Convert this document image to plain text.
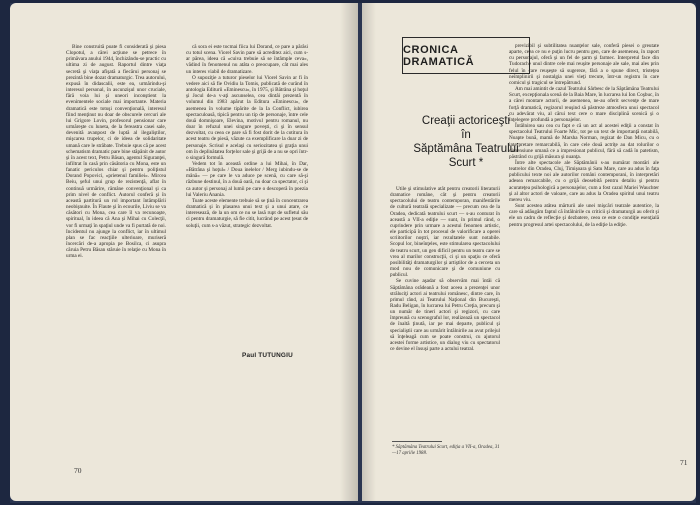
Bine construită poate fi considerată şi piesa Clopotul, a cărei acţiune se petrece în primăvara anului 1944, închizându-se practic cu ultima zi de august. Raportul dintre viaţa secretă şi viaţa afişată a fiecărui personaj se prezintă bine dozat dramaturgic. Trea autorului, expusă în didascalii, este ea, urmărindu-şi interesul personal, în ascunzişul unor cruciale, fără voia lui şi uneori inconştient la evenimentele sociale mai importante. Materia dramatică este totuşi convenţională, interesul fiind menţinut nu doar de obscurele cercuri ale lui Grigore Lovin, profesorul pensionar care urmăreşte cu luneta, de la fereastra casei sale, devenită avanpost de luptă al ilegaliştilor, mişcarea trupelor, ci de ideea de solidaritate umană care le străbate. Trebuie spus că pe acest schematism dramatic pare bine stăpânit de autor şi în acest text, Petru Băsan, agentul Siguranţei, infiltrat în casă prin căsătoria cu Mona, este un fanatic periculos chiar şi pentru poliţistul Dorand Popovici, «prietenul familiei». Mircea Beiu, şeful unui grup de rezistenţă, aflat în continuă urmărire, rămâne convenţional şi ca prim nivel de conflict. Autorul conferă şi în această partitură un rol important întâmplării neobişnuite. În Flaute şi în ecourile, Liviu se va căsători cu Mona, cea care îl va recunoaşte, spiritual, în ideea că Ana şi Mihai cu Colecţii, vor fi urmaţi în spaţiul unde va fi purtată de noi. Incidentul nu ajunge la conflict, iar în ultimul plan se fac reacţiile ulterioare, muriseră încercări de-a apropia pe Bosilca, ci asupra căruia Petru Băsan stăruie în relaţie cu Mona în urma ei.

că sora ei este tocmai fiica lui Dorand, ce pare a părăsi cu totul scena. Viorel Savin pare să acreditez aici, cum s-ar părea, ideea că «cuiva trebuie să se întâmple ceva», vădind în fenomenul nu atâta o preocupare, cât mai ales un interes viabil de dramatizare.

O supoziţie a tuturor pieselor lui Viorel Savin ar fi în vedere aici să fie Ovidiu la Tomis, publicată de curând în antologia Editurii «Eminescu», în 1975, şi Bătrâna şi hoţul şi Jocul de-a v-aţi ascunselea, cea dintâi prezentă în volumul din 1983 apărut la Editura «Eminescu», de asemenea în volume tipărite de la Ia Conflict, iubirea spectaculoasă, tipică pentru un tip de personaje, între cele două domnişoare, Elevina, motivul pentru romanul, nu doar în refuzul unei singure poveşti, ci şi în sensul dezvoltat, cu ceea ce pare să fi fost dorit de la cotitura în acest teatru de piesă, văzute ca exemplificare la doar zi de personaje. Scrisul e acelaşi cu seriozitatea şi graţia unui om în deplinătatea forţelor sale şi grijă de a nu se opri într-o singură formulă.

Vedem tot în această ordine a lui Mihai, în Dar, «Bătrâna şi hoţul» / Doua inelelor / Merg iubindu-se de mână» — pe care le va aduce pe scenă, cu care să-şi răzbune destinul, în a două oară, nu doar ca spectator, ci şi ca autor şi personaj al lumii pe care o descoperă în poezia lui Valeriu Anania.

Toate aceste elemente trebuie să se ţină în concentrarea dramatică şi în plasarea unui text şi a unui atare, ce interesează, de la un om ce nu se lasă rupt de sufletul său ci pentru dramaturgie, să fie citit, lucrând pe acest ţesut de soluţii, cum s-a văzut, strategic dezvoltat.

Paul TUTUNGIU
70
CRONICA DRAMATICĂ
Creaţii actoriceşti
în
Săptămâna Teatrului
Scurt *

Utile şi stimulative atât pentru creatorii literaturii dramatice române, cât şi pentru creatorii spectacolului de teatru contemporan, manifestările de cultură teatrală specializate — precum cea de la Oradea, dedicată teatrului scurt — s-au conturat în această a VII-a ediţie — sunt, în primul rând, o cuprindere prin urmare a acestui fenomen artistic, ele participă în tot procesul de valorificare a operei scriitorilor noştri, iar rezultatele sunt notabile. Scopul lor, bineînţeles, este stimularea spectacolului de teatru scurt, un gen dificil pentru un teatru care se vrea al marilor construcţii, ci şi un spaţiu ce oferă posibilităţi dramaturgilor şi artiştilor de a cerceta un mod nou de comunicare şi de comuniune cu publicul.

Se cuvine aşadar să observăm mai întâi că Săptămâna orădeană a fost aceea a prezenţei unor străluciţi actori ai teatrului românesc, dintre care, în primul rând, ai Teatrului Naţional din Bucureşti, Radu Beligan, în lucrarea lui Petru Creţia, precum şi un număr de tineri actori şi regizori, cu care împreună cu scenograful lor, realizează un spectacol de înaltă ţinută, iar pe mai departe, publicul şi specialiştii care au urmărit întâlnirile au avut prilejul să înţeleagă cum se poate construi, cu ajutorul acestei forme artistice, un dialog viu cu spectatorul ce devine el însuşi parte a actului teatral.

* Săptămâna Teatrului Scurt, ediţia a VII-a, Oradea, 31—17 aprilie 1988.

previzibil şi subtilitatea nuanţelor sale, conferă piesei o greutate aparte, ceea ce nu e puţin lucru pentru gen, care de asemenea, în raport cu personajul, oferă şi un fel de şarm şi farmec. Interpretul face din Tudorache unul dintre cele mai reuşite personaje ale sale, mai ales prin felul în care reuşeşte să sugereze, fără a o spune direct, tristeţea neîmplinirii şi nostalgia unei vieţi trecute, într-un registru în care comicul şi tragicul se întrepătrund.

Am mai amintit de cazul Teatrului Sârbesc de la Săptămâna Teatrului Scurt, excepţionala scenă de la Baia Mare, în lucrarea lui Ion Coşbuc, în a cărei montare actorii, de asemenea, ne-au oferit secvenţe de mare forţă dramatică, regizorul reuşind să păstreze atmosfera unui spectacol cu adevărat viu, al cărui text cere o mare disciplină scenică şi o înţelegere profundă a personajelor.

Întâlnirea sau cea cu fapt e că un act al acestei ediţii a constat în spectacolul Teatrului Foarte Mic, tot pe un text de importanţă notabilă, Noapte bună, mamă de Marsha Norman, regizat de Dan Micu, cu o interpretare remarcabilă, în care cele două actriţe au dat rolurilor o dimensiune umană ce a impresionat publicul, fără să cadă în patetism, păstrând cu grijă măsura şi nuanţa.

Între alte spectacole ale Săptămânii s-au numărat montări ale teatrelor din Oradea, Cluj, Timişoara şi Satu Mare, care au adus în faţa publicului texte noi ale autorilor români contemporani, în interpretări adesea remarcabile, cu o grijă deosebită pentru detaliu şi pentru acurateţea psihologică a personajelor, cum a fost cazul Mariei Wauchter şi al altor actori de valoare, care au adus la Oradea spiritul unui teatru mereu viu.

Sunt acestea atâtea mărturii ale unei mişcări teatrale autentice, la care să adăugăm faptul că întâlnirile cu criticii şi dramaturgii au oferit şi ele un cadru de reflecţie şi dezbatere, ceea ce este o condiţie esenţială pentru progresul artei spectacolului, de la ediţie la ediţie.

71
